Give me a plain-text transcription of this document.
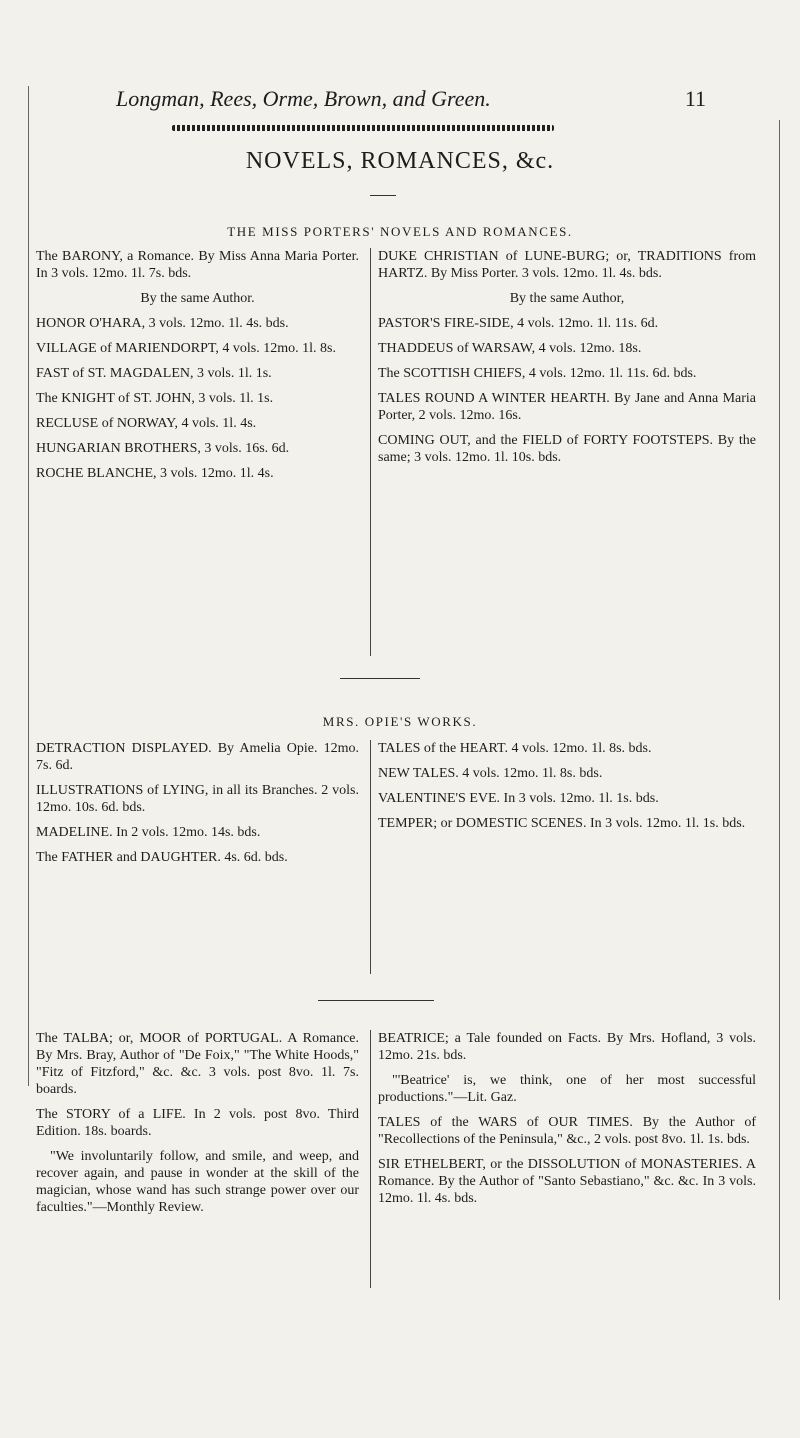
Longman, Rees, Orme, Brown, and Green.	11
NOVELS, ROMANCES, &c.
THE MISS PORTERS' NOVELS AND ROMANCES.

The BARONY, a Romance. By Miss Anna Maria Porter. In 3 vols. 12mo. 1l. 7s. bds.

By the same Author.

HONOR O'HARA, 3 vols. 12mo. 1l. 4s. bds.

VILLAGE of MARIENDORPT, 4 vols. 12mo. 1l. 8s.

FAST of ST. MAGDALEN, 3 vols. 1l. 1s.

The KNIGHT of ST. JOHN, 3 vols. 1l. 1s.

RECLUSE of NORWAY, 4 vols. 1l. 4s.

HUNGARIAN BROTHERS, 3 vols. 16s. 6d.

ROCHE BLANCHE, 3 vols. 12mo. 1l. 4s.

DUKE CHRISTIAN of LUNE-BURG; or, TRADITIONS from HARTZ. By Miss Porter. 3 vols. 12mo. 1l. 4s. bds.

By the same Author,

PASTOR'S FIRE-SIDE, 4 vols. 12mo. 1l. 11s. 6d.

THADDEUS of WARSAW, 4 vols. 12mo. 18s.

The SCOTTISH CHIEFS, 4 vols. 12mo. 1l. 11s. 6d. bds.

TALES ROUND A WINTER HEARTH. By Jane and Anna Maria Porter, 2 vols. 12mo. 16s.

COMING OUT, and the FIELD of FORTY FOOTSTEPS. By the same; 3 vols. 12mo. 1l. 10s. bds.

MRS. OPIE'S WORKS.

DETRACTION DISPLAYED. By Amelia Opie. 12mo. 7s. 6d.

ILLUSTRATIONS of LYING, in all its Branches. 2 vols. 12mo. 10s. 6d. bds.

MADELINE. In 2 vols. 12mo. 14s. bds.

The FATHER and DAUGHTER. 4s. 6d. bds.

TALES of the HEART. 4 vols. 12mo. 1l. 8s. bds.

NEW TALES. 4 vols. 12mo. 1l. 8s. bds.

VALENTINE'S EVE. In 3 vols. 12mo. 1l. 1s. bds.

TEMPER; or DOMESTIC SCENES. In 3 vols. 12mo. 1l. 1s. bds.

The TALBA; or, MOOR of PORTUGAL. A Romance. By Mrs. Bray, Author of "De Foix," "The White Hoods," "Fitz of Fitzford," &c. &c. 3 vols. post 8vo. 1l. 7s. boards.

The STORY of a LIFE. In 2 vols. post 8vo. Third Edition. 18s. boards.

"We involuntarily follow, and smile, and weep, and recover again, and pause in wonder at the skill of the magician, whose wand has such strange power over our faculties."—Monthly Review.

BEATRICE; a Tale founded on Facts. By Mrs. Hofland, 3 vols. 12mo. 21s. bds.

"'Beatrice' is, we think, one of her most successful productions."—Lit. Gaz.

TALES of the WARS of OUR TIMES. By the Author of "Recollections of the Peninsula," &c., 2 vols. post 8vo. 1l. 1s. bds.

SIR ETHELBERT, or the DISSOLUTION of MONASTERIES. A Romance. By the Author of "Santo Sebastiano," &c. &c. In 3 vols. 12mo. 1l. 4s. bds.
